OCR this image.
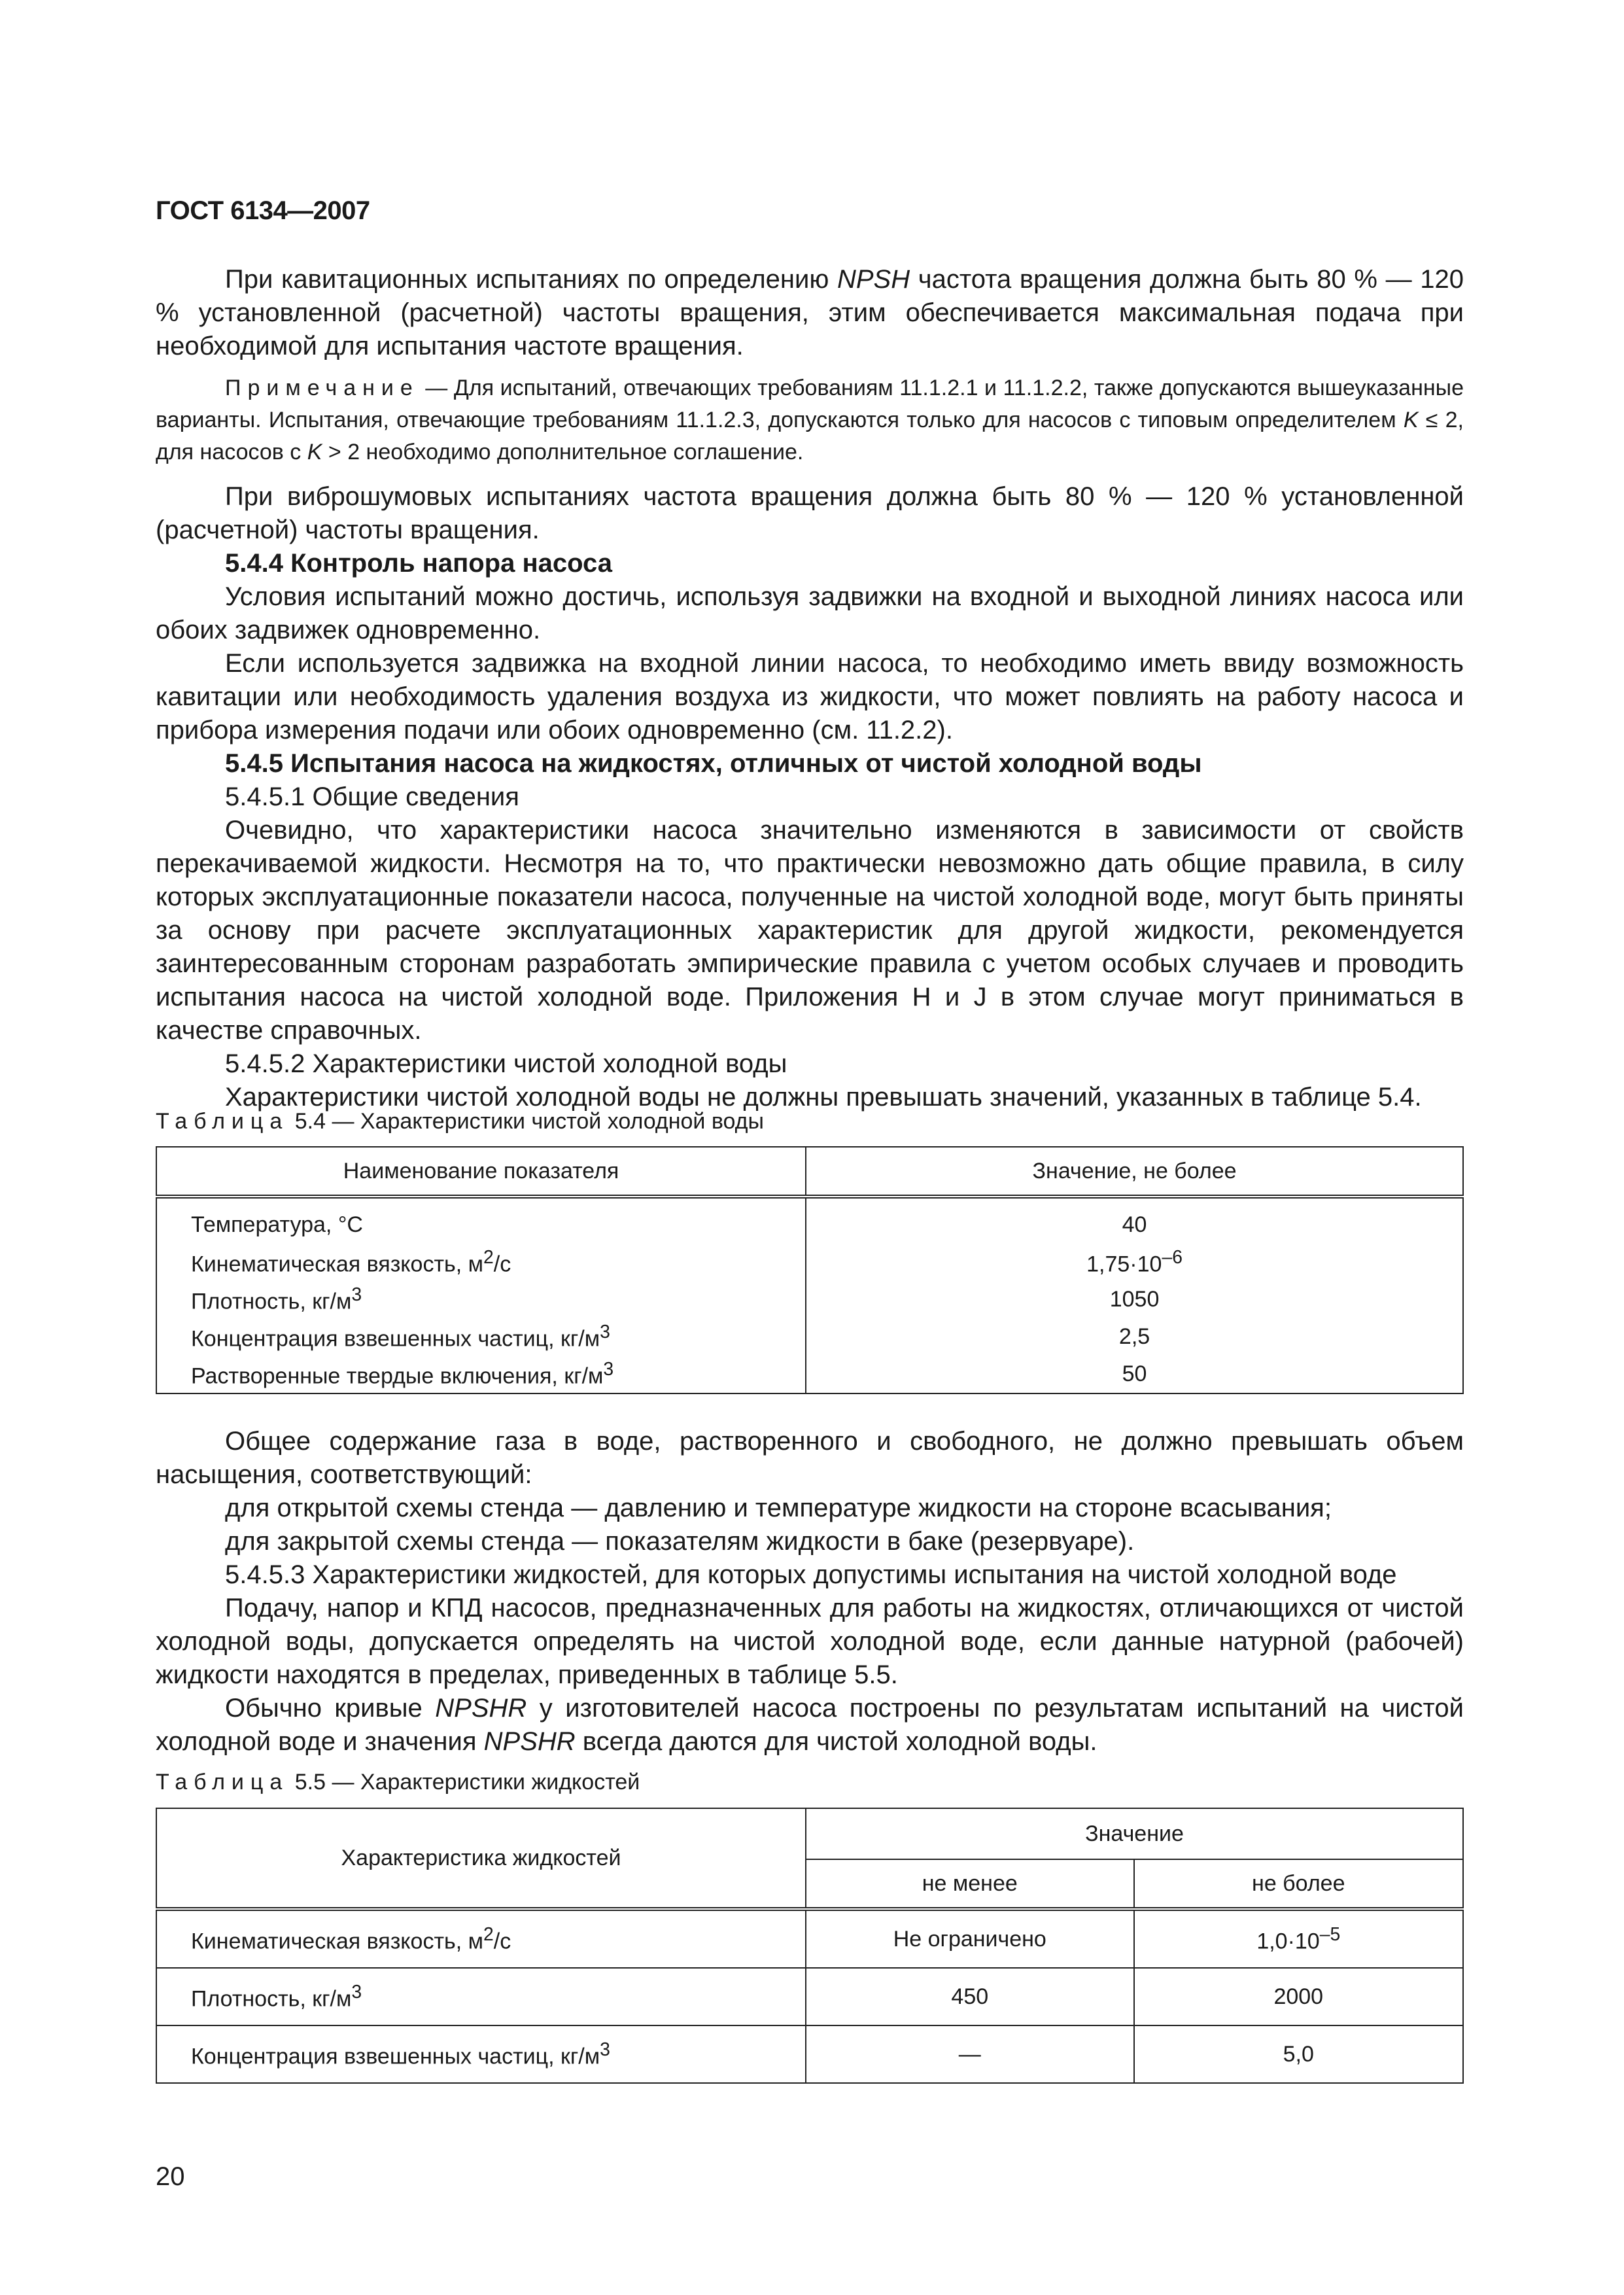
ГОСТ 6134—2007

При кавитационных испытаниях по определению NPSH частота вращения должна быть 80 % — 120 % установленной (расчетной) частоты вращения, этим обеспечивается максимальная подача при необходимой для испытания частоте вращения.

Примечание — Для испытаний, отвечающих требованиям 11.1.2.1 и 11.1.2.2, также допускаются вышеуказанные варианты. Испытания, отвечающие требованиям 11.1.2.3, допускаются только для насосов с типовым определителем K ≤ 2, для насосов с K > 2 необходимо дополнительное соглашение.

При виброшумовых испытаниях частота вращения должна быть 80 % — 120 % установленной (расчетной) частоты вращения.

5.4.4 Контроль напора насоса

Условия испытаний можно достичь, используя задвижки на входной и выходной линиях насоса или обоих задвижек одновременно.

Если используется задвижка на входной линии насоса, то необходимо иметь ввиду возможность кавитации или необходимость удаления воздуха из жидкости, что может повлиять на работу насоса и прибора измерения подачи или обоих одновременно (см. 11.2.2).

5.4.5 Испытания насоса на жидкостях, отличных от чистой холодной воды

5.4.5.1 Общие сведения

Очевидно, что характеристики насоса значительно изменяются в зависимости от свойств перекачиваемой жидкости. Несмотря на то, что практически невозможно дать общие правила, в силу которых эксплуатационные показатели насоса, полученные на чистой холодной воде, могут быть приняты за основу при расчете эксплуатационных характеристик для другой жидкости, рекомендуется заинтересованным сторонам разработать эмпирические правила с учетом особых случаев и проводить испытания насоса на чистой холодной воде. Приложения H и J в этом случае могут приниматься в качестве справочных.

5.4.5.2 Характеристики чистой холодной воды

Характеристики чистой холодной воды не должны превышать значений, указанных в таблице 5.4.

Таблица 5.4 — Характеристики чистой холодной воды
Наименование показателя	Значение, не более
Температура, °C	40
Кинематическая вязкость, $м^2/с$	$1,75\cdot 10^{-6}$
Плотность, $кг/м^3$	1050
Концентрация взвешенных частиц, $кг/м^3$	2,5
Растворенные твердые включения, $кг/м^3$	50

Общее содержание газа в воде, растворенного и свободного, не должно превышать объем насыщения, соответствующий:

для открытой схемы стенда — давлению и температуре жидкости на стороне всасывания;

для закрытой схемы стенда — показателям жидкости в баке (резервуаре).

5.4.5.3 Характеристики жидкостей, для которых допустимы испытания на чистой холодной воде

Подачу, напор и КПД насосов, предназначенных для работы на жидкостях, отличающихся от чистой холодной воды, допускается определять на чистой холодной воде, если данные натурной (рабочей) жидкости находятся в пределах, приведенных в таблице 5.5.

Обычно кривые NPSHR у изготовителей насоса построены по результатам испытаний на чистой холодной воде и значения NPSHR всегда даются для чистой холодной воды.

Таблица 5.5 — Характеристики жидкостей
Характеристика жидкостей	Значение	
	не менее	не более
Кинематическая вязкость, $м^2/с$	Не ограничено	$1,0\cdot 10^{-5}$
Плотность, $кг/м^3$	450	2000
Концентрация взвешенных частиц, $кг/м^3$	—	5,0
20
